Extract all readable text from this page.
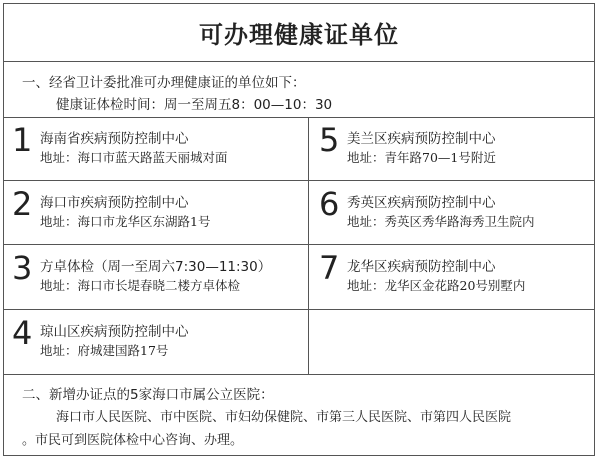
可办理健康证单位
一、经省卫计委批准可办理健康证的单位如下：
健康证体检时间：周一至周五8：00—10：30
1 海南省疾病预防控制中心
地址：海口市蓝天路蓝天丽城对面	5 美兰区疾病预防控制中心
地址：青年路70—1号附近
2 海口市疾病预防控制中心
地址：海口市龙华区东湖路1号	6 秀英区疾病预防控制中心
地址：秀英区秀华路海秀卫生院内
3 方卓体检（周一至周六7:30—11:30）
地址：海口市长堤春晓二楼方卓体检 7 龙华区疾病预防控制中心
地址：龙华区金花路20号别墅内
4 琼山区疾病预防控制中心
地址：府城建国路17号
二、新增办证点的5家海口市属公立医院：
海口市人民医院、市中医院、市妇幼保健院、市第三人民医院、市第四人民医院
。市民可到医院体检中心咨询、办理。
